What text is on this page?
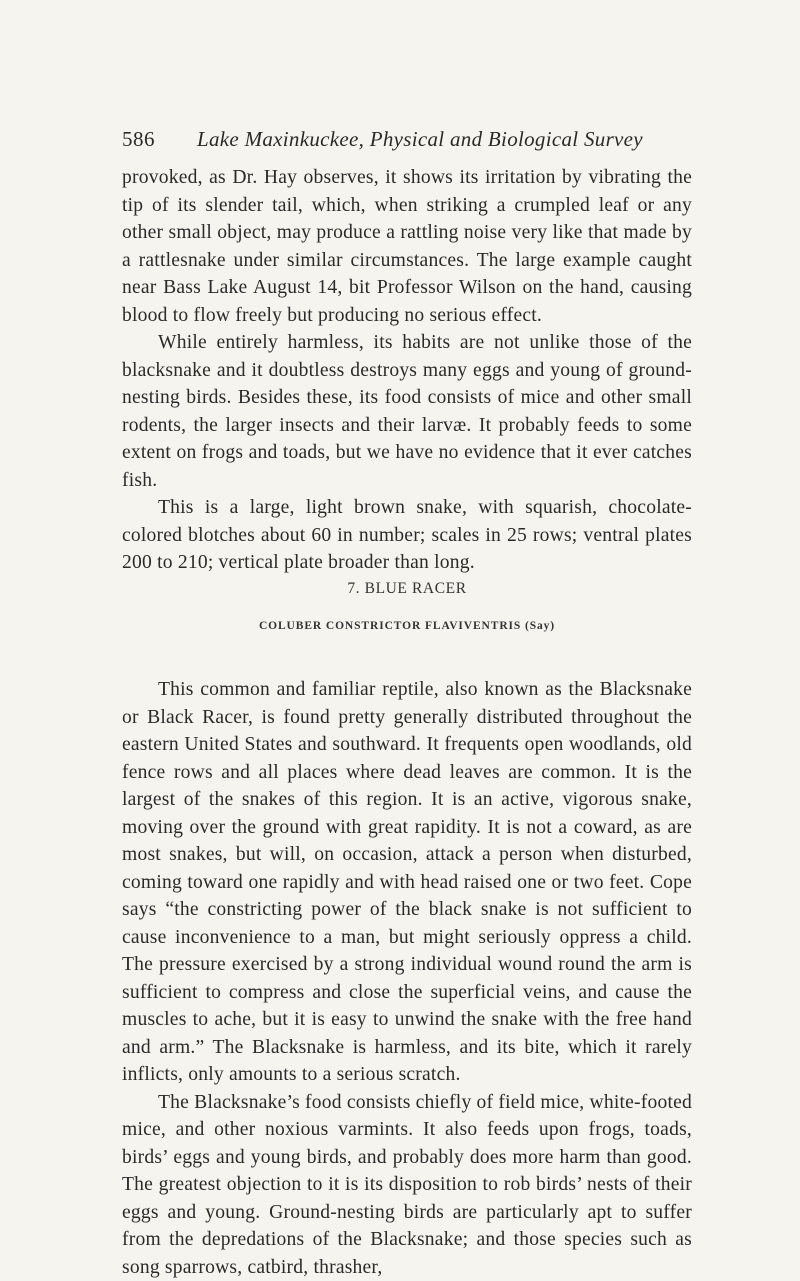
586 Lake Maxinkuckee, Physical and Biological Survey

provoked, as Dr. Hay observes, it shows its irritation by vibrating the tip of its slender tail, which, when striking a crumpled leaf or any other small object, may produce a rattling noise very like that made by a rattlesnake under similar circumstances. The large example caught near Bass Lake August 14, bit Professor Wilson on the hand, causing blood to flow freely but producing no serious effect.

While entirely harmless, its habits are not unlike those of the blacksnake and it doubtless destroys many eggs and young of ground-nesting birds. Besides these, its food consists of mice and other small rodents, the larger insects and their larvæ. It probably feeds to some extent on frogs and toads, but we have no evidence that it ever catches fish.

This is a large, light brown snake, with squarish, chocolate-colored blotches about 60 in number; scales in 25 rows; ventral plates 200 to 210; vertical plate broader than long.

7. BLUE RACER
COLUBER CONSTRICTOR FLAVIVENTRIS (Say)

This common and familiar reptile, also known as the Blacksnake or Black Racer, is found pretty generally distributed throughout the eastern United States and southward. It frequents open woodlands, old fence rows and all places where dead leaves are common. It is the largest of the snakes of this region. It is an active, vigorous snake, moving over the ground with great rapidity. It is not a coward, as are most snakes, but will, on occasion, attack a person when disturbed, coming toward one rapidly and with head raised one or two feet. Cope says “the constricting power of the black snake is not sufficient to cause inconvenience to a man, but might seriously oppress a child. The pressure exercised by a strong individual wound round the arm is sufficient to compress and close the superficial veins, and cause the muscles to ache, but it is easy to unwind the snake with the free hand and arm.” The Blacksnake is harmless, and its bite, which it rarely inflicts, only amounts to a serious scratch.

The Blacksnake’s food consists chiefly of field mice, white-footed mice, and other noxious varmints. It also feeds upon frogs, toads, birds’ eggs and young birds, and probably does more harm than good. The greatest objection to it is its disposition to rob birds’ nests of their eggs and young. Ground-nesting birds are particularly apt to suffer from the depredations of the Blacksnake; and those species such as song sparrows, catbird, thrasher,
